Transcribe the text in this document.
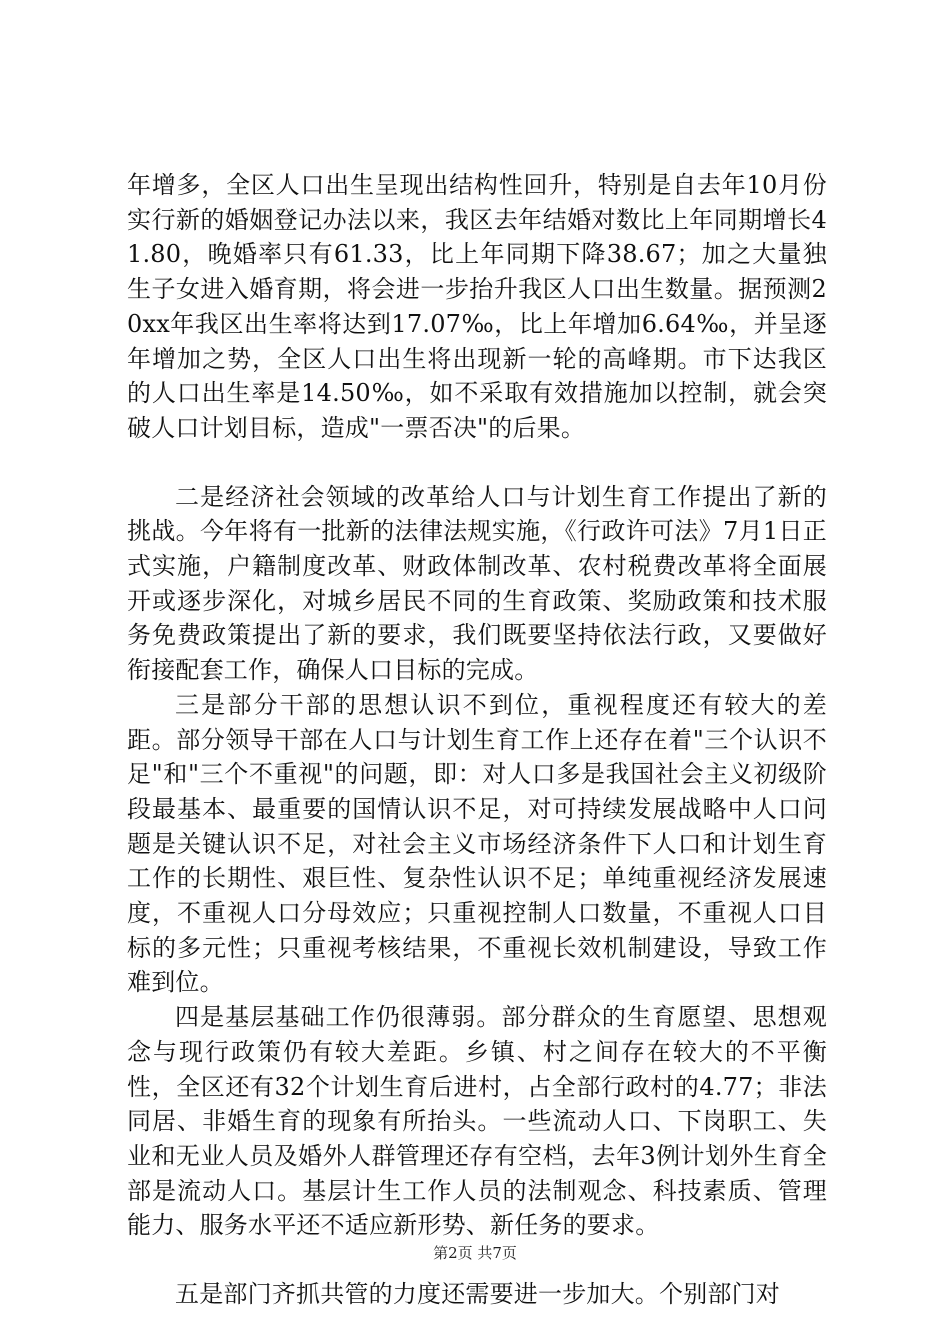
年增多，全区人口出生呈现出结构性回升，特别是自去年10月份实行新的婚姻登记办法以来，我区去年结婚对数比上年同期增长41.80，晚婚率只有61.33，比上年同期下降38.67；加之大量独生子女进入婚育期，将会进一步抬升我区人口出生数量。据预测20xx年我区出生率将达到17.07‰，比上年增加6.64‰，并呈逐年增加之势，全区人口出生将出现新一轮的高峰期。市下达我区的人口出生率是14.50‰，如不采取有效措施加以控制，就会突破人口计划目标，造成"一票否决"的后果。

二是经济社会领域的改革给人口与计划生育工作提出了新的挑战。今年将有一批新的法律法规实施，《行政许可法》7月1日正式实施，户籍制度改革、财政体制改革、农村税费改革将全面展开或逐步深化，对城乡居民不同的生育政策、奖励政策和技术服务免费政策提出了新的要求，我们既要坚持依法行政，又要做好衔接配套工作，确保人口目标的完成。

三是部分干部的思想认识不到位，重视程度还有较大的差距。部分领导干部在人口与计划生育工作上还存在着"三个认识不足"和"三个不重视"的问题，即：对人口多是我国社会主义初级阶段最基本、最重要的国情认识不足，对可持续发展战略中人口问题是关键认识不足，对社会主义市场经济条件下人口和计划生育工作的长期性、艰巨性、复杂性认识不足；单纯重视经济发展速度，不重视人口分母效应；只重视控制人口数量，不重视人口目标的多元性；只重视考核结果，不重视长效机制建设，导致工作难到位。

四是基层基础工作仍很薄弱。部分群众的生育愿望、思想观念与现行政策仍有较大差距。乡镇、村之间存在较大的不平衡性，全区还有32个计划生育后进村，占全部行政村的4.77；非法同居、非婚生育的现象有所抬头。一些流动人口、下岗职工、失业和无业人员及婚外人群管理还存有空档，去年3例计划外生育全部是流动人口。基层计生工作人员的法制观念、科技素质、管理能力、服务水平还不适应新形势、新任务的要求。

五是部门齐抓共管的力度还需要进一步加大。个别部门对

第2页 共7页
